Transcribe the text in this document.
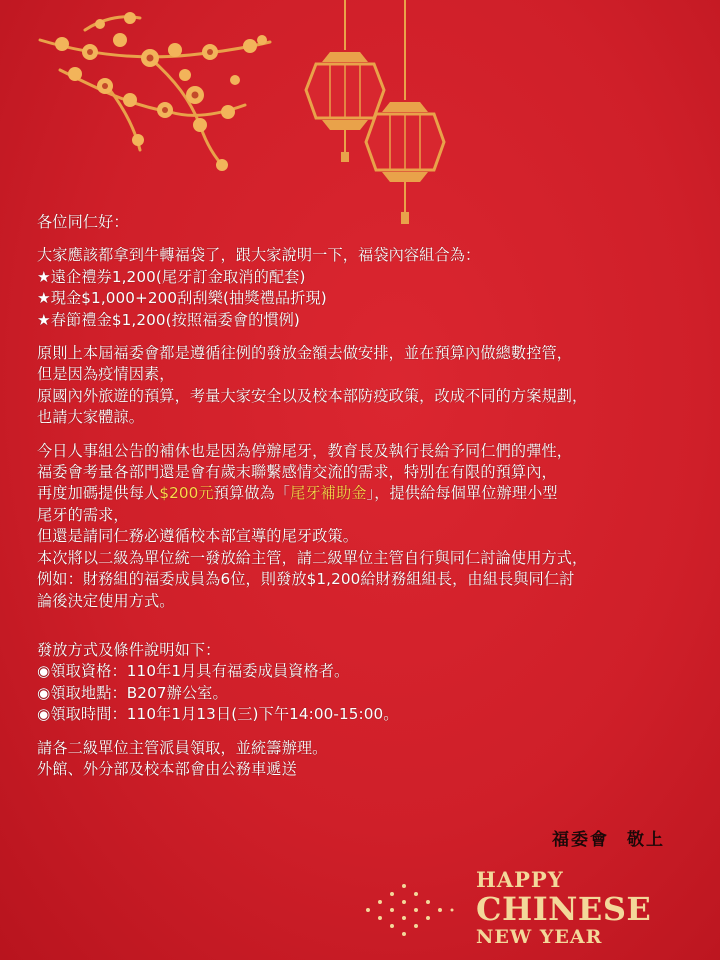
各位同仁好：
大家應該都拿到牛轉福袋了，跟大家說明一下，福袋內容組合為：
★遠企禮券1,200(尾牙訂金取消的配套)
★現金$1,000+200刮刮樂(抽獎禮品折現)
★春節禮金$1,200(按照福委會的慣例)
原則上本屆福委會都是遵循往例的發放金額去做安排，並在預算內做總數控管，
但是因為疫情因素，
原國內外旅遊的預算，考量大家安全以及校本部防疫政策，改成不同的方案規劃，
也請大家體諒。
今日人事組公告的補休也是因為停辦尾牙，教育長及執行長給予同仁們的彈性，
福委會考量各部門還是會有歲末聯繫感情交流的需求，特別在有限的預算內，
再度加碼提供每人$200元預算做為「尾牙補助金」，提供給每個單位辦理小型
尾牙的需求，
但還是請同仁務必遵循校本部宣導的尾牙政策。
本次將以二級為單位統一發放給主管，請二級單位主管自行與同仁討論使用方式，
例如：財務組的福委成員為6位，則發放$1,200給財務組組長，由組長與同仁討
論後決定使用方式。
發放方式及條件說明如下：
◉領取資格：110年1月具有福委成員資格者。
◉領取地點：B207辦公室。
◉領取時間：110年1月13日(三)下午14:00-15:00。
請各二級單位主管派員領取，並統籌辦理。
外館、外分部及校本部會由公務車遞送
福委會 敬上
HAPPY
CHINESE
NEW YEAR
